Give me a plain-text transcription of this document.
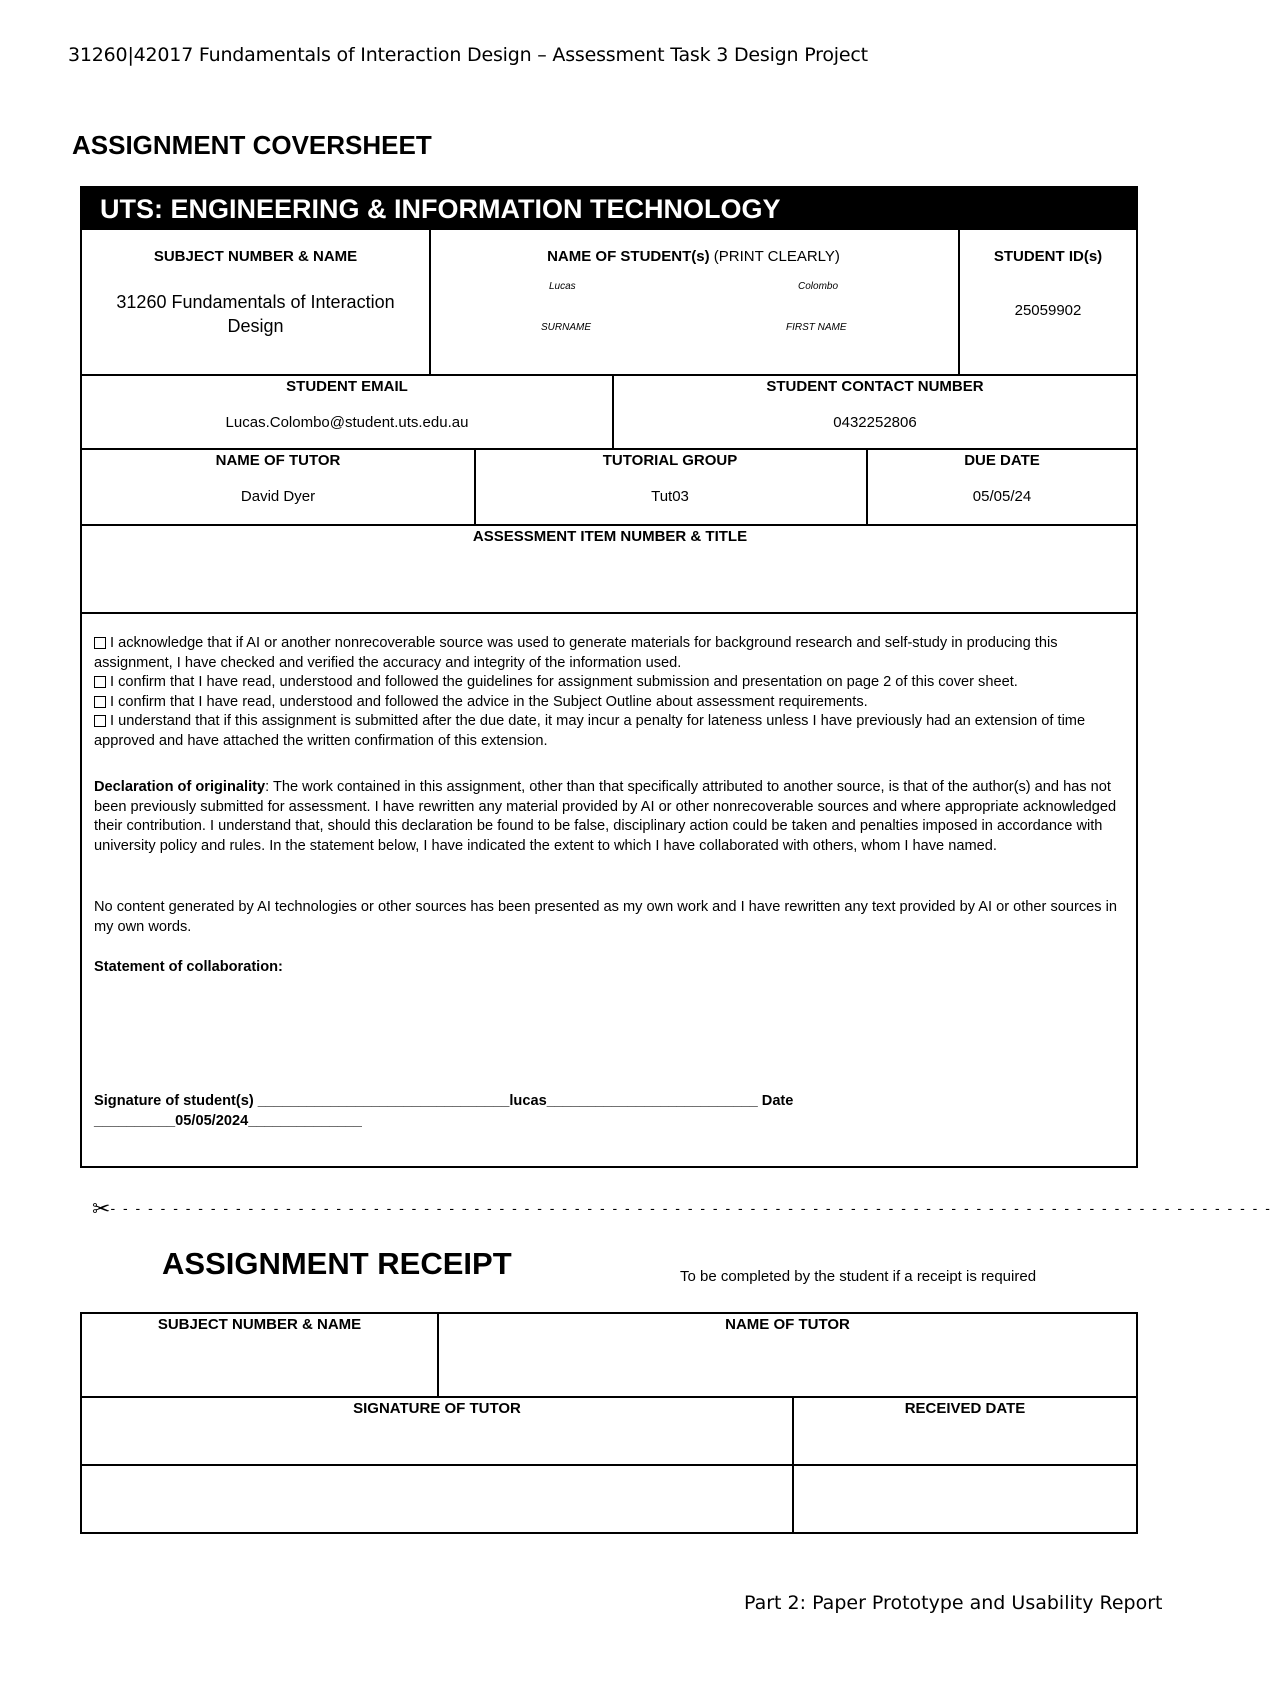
31260|42017 Fundamentals of Interaction Design – Assessment Task 3 Design Project
ASSIGNMENT COVERSHEET
UTS: ENGINEERING & INFORMATION TECHNOLOGY
SUBJECT NUMBER & NAME
31260 Fundamentals of Interaction Design
NAME OF STUDENT(s) (PRINT CLEARLY)
Lucas	Colombo
SURNAME	FIRST NAME
STUDENT ID(s)
25059902
STUDENT EMAIL
Lucas.Colombo@student.uts.edu.au
STUDENT CONTACT NUMBER
0432252806
NAME OF TUTOR
David Dyer
TUTORIAL GROUP
Tut03
DUE DATE
05/05/24
ASSESSMENT ITEM NUMBER & TITLE
I acknowledge that if AI or another nonrecoverable source was used to generate materials for background research and self-study in producing this assignment, I have checked and verified the accuracy and integrity of the information used.
I confirm that I have read, understood and followed the guidelines for assignment submission and presentation on page 2 of this cover sheet.
I confirm that I have read, understood and followed the advice in the Subject Outline about assessment requirements.
I understand that if this assignment is submitted after the due date, it may incur a penalty for lateness unless I have previously had an extension of time approved and have attached the written confirmation of this extension.
Declaration of originality: The work contained in this assignment, other than that specifically attributed to another source, is that of the author(s) and has not been previously submitted for assessment. I have rewritten any material provided by AI or other nonrecoverable sources and where appropriate acknowledged their contribution. I understand that, should this declaration be found to be false, disciplinary action could be taken and penalties imposed in accordance with university policy and rules. In the statement below, I have indicated the extent to which I have collaborated with others, whom I have named.
No content generated by AI technologies or other sources has been presented as my own work and I have rewritten any text provided by AI or other sources in my own words.
Statement of collaboration:
Signature of student(s) _______________________________lucas__________________________ Date
__________05/05/2024______________
✂- - - - - - - - - - - - - - - - - - - - - - - - - - - - - - - - - - - - - - - - - - - - - - - - - - - - - - - - - - - - - - - - - - - - - - - - - - - - - - - - - - - - - - - - - - - - -
ASSIGNMENT RECEIPT	To be completed by the student if a receipt is required
SUBJECT NUMBER & NAME	NAME OF TUTOR
SIGNATURE OF TUTOR	RECEIVED DATE
Part 2: Paper Prototype and Usability Report
